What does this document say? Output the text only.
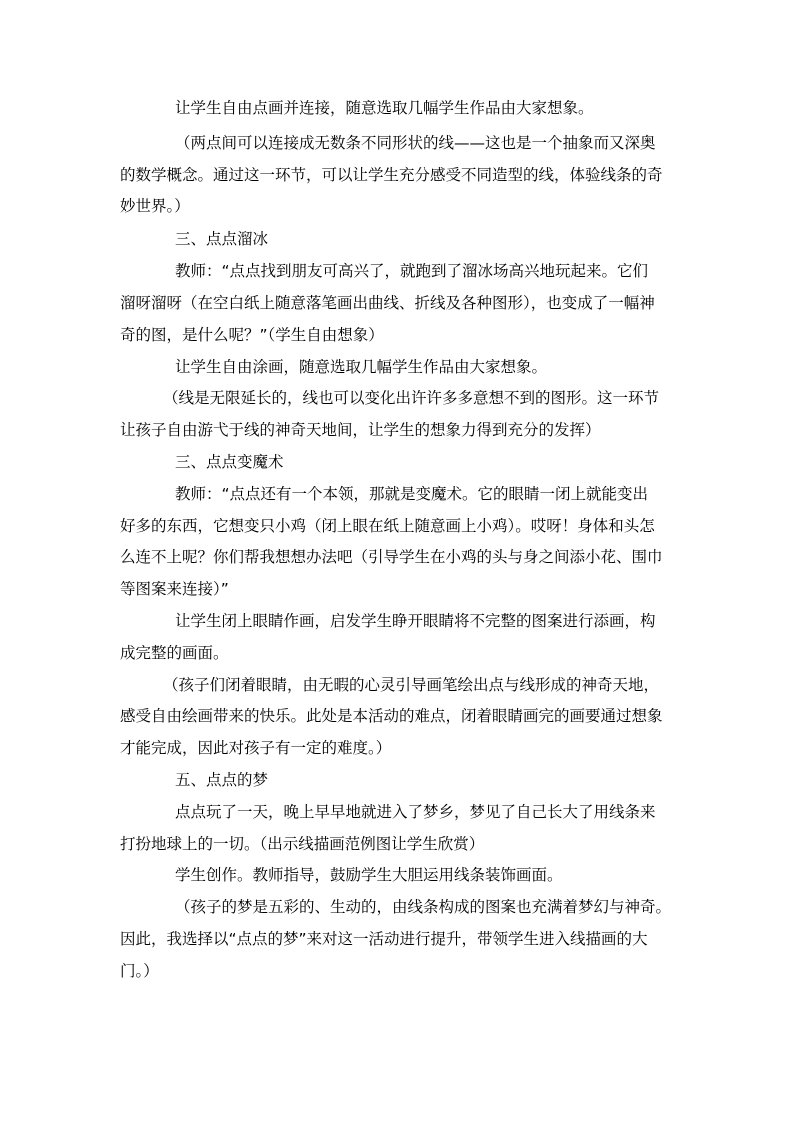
让学生自由点画并连接，随意选取几幅学生作品由大家想象。
（两点间可以连接成无数条不同形状的线——这也是一个抽象而又深奥
的数学概念。通过这一环节，可以让学生充分感受不同造型的线，体验线条的奇
妙世界。）
三、点点溜冰
教师：“点点找到朋友可高兴了，就跑到了溜冰场高兴地玩起来。它们
溜呀溜呀（在空白纸上随意落笔画出曲线、折线及各种图形），也变成了一幅神
奇的图，是什么呢？”（学生自由想象）
让学生自由涂画，随意选取几幅学生作品由大家想象。
（线是无限延长的，线也可以变化出许许多多意想不到的图形。这一环节
让孩子自由游弋于线的神奇天地间，让学生的想象力得到充分的发挥）
三、点点变魔术
教师：“点点还有一个本领，那就是变魔术。它的眼睛一闭上就能变出
好多的东西，它想变只小鸡（闭上眼在纸上随意画上小鸡）。哎呀！身体和头怎
么连不上呢？你们帮我想想办法吧（引导学生在小鸡的头与身之间添小花、围巾
等图案来连接）”
让学生闭上眼睛作画，启发学生睁开眼睛将不完整的图案进行添画，构
成完整的画面。
（孩子们闭着眼睛，由无暇的心灵引导画笔绘出点与线形成的神奇天地，
感受自由绘画带来的快乐。此处是本活动的难点，闭着眼睛画完的画要通过想象
才能完成，因此对孩子有一定的难度。）
五、点点的梦
点点玩了一天，晚上早早地就进入了梦乡，梦见了自己长大了用线条来
打扮地球上的一切。（出示线描画范例图让学生欣赏）
学生创作。教师指导，鼓励学生大胆运用线条装饰画面。
（孩子的梦是五彩的、生动的，由线条构成的图案也充满着梦幻与神奇。
因此，我选择以“点点的梦”来对这一活动进行提升，带领学生进入线描画的大
门。）
